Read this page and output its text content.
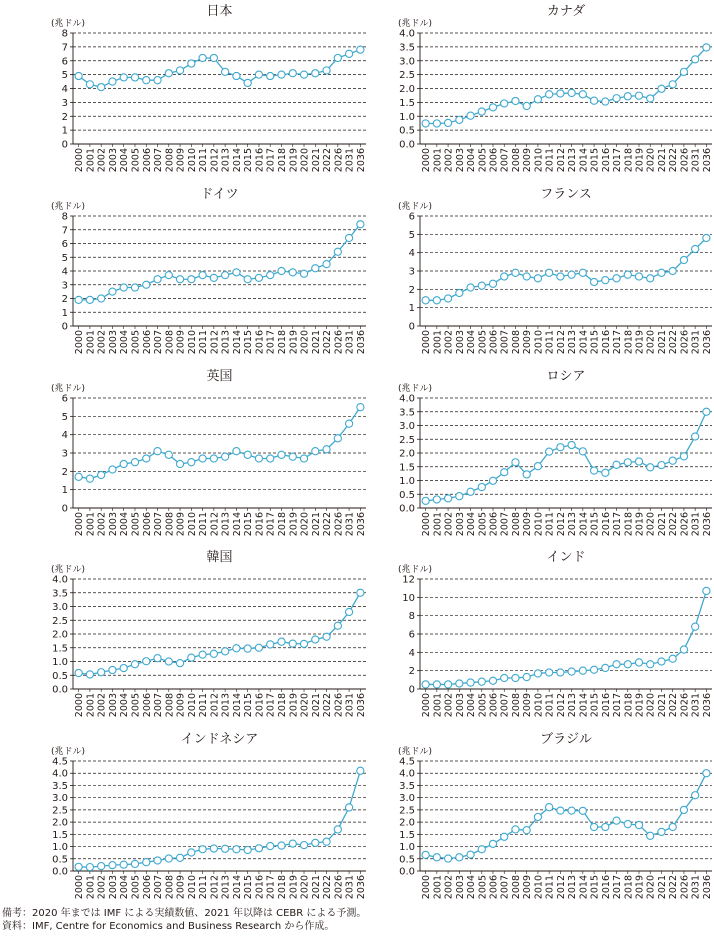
日本
(兆ドル)
0
1
2
3
4
5
6
7
8
2000 2001 2002 2003 2004 2005 2006 2007 2008 2009 2010 2011 2012 2013 2014 2015 2016 2017 2018 2019 2020 2021 2022 2026 2031 2036
カナダ
(兆ドル)
0.0
0.5
1.0
1.5
2.0
2.5
3.0
3.5
4.0
2000 2001 2002 2003 2004 2005 2006 2007 2008 2009 2010 2011 2012 2013 2014 2015 2016 2017 2018 2019 2020 2021 2022 2026 2031 2036
ドイツ
(兆ドル)
0
1
2
3
4
5
6
7
8
2000 2001 2002 2003 2004 2005 2006 2007 2008 2009 2010 2011 2012 2013 2014 2015 2016 2017 2018 2019 2020 2021 2022 2026 2031 2036
フランス
(兆ドル)
0
1
2
3
4
5
6
2000 2001 2002 2003 2004 2005 2006 2007 2008 2009 2010 2011 2012 2013 2014 2015 2016 2017 2018 2019 2020 2021 2022 2026 2031 2036
英国
(兆ドル)
0
1
2
3
4
5
6
2000 2001 2002 2003 2004 2005 2006 2007 2008 2009 2010 2011 2012 2013 2014 2015 2016 2017 2018 2019 2020 2021 2022 2026 2031 2036
ロシア
(兆ドル)
0.0
0.5
1.0
1.5
2.0
2.5
3.0
3.5
4.0
2000 2001 2002 2003 2004 2005 2006 2007 2008 2009 2010 2011 2012 2013 2014 2015 2016 2017 2018 2019 2020 2021 2022 2026 2031 2036
韓国
(兆ドル)
0.0
0.5
1.0
1.5
2.0
2.5
3.0
3.5
4.0
2000 2001 2002 2003 2004 2005 2006 2007 2008 2009 2010 2011 2012 2013 2014 2015 2016 2017 2018 2019 2020 2021 2022 2026 2031 2036
インド
(兆ドル)
0
2
4
6
8
10
12
2000 2001 2002 2003 2004 2005 2006 2007 2008 2009 2010 2011 2012 2013 2014 2015 2016 2017 2018 2019 2020 2021 2022 2026 2031 2036
インドネシア
(兆ドル)
0.0
0.5
1.0
1.5
2.0
2.5
3.0
3.5
4.0
4.5
2000 2001 2002 2003 2004 2005 2006 2007 2008 2009 2010 2011 2012 2013 2014 2015 2016 2017 2018 2019 2020 2021 2022 2026 2031 2036
ブラジル
(兆ドル)
0.0
0.5
1.0
1.5
2.0
2.5
3.0
3.5
4.0
4.5
2000 2001 2002 2003 2004 2005 2006 2007 2008 2009 2010 2011 2012 2013 2014 2015 2016 2017 2018 2019 2020 2021 2022 2026 2031 2036
備考：2020 年までは IMF による実績数値、2021 年以降は CEBR による予測。
資料：IMF, Centre for Economics and Business Research から作成。
